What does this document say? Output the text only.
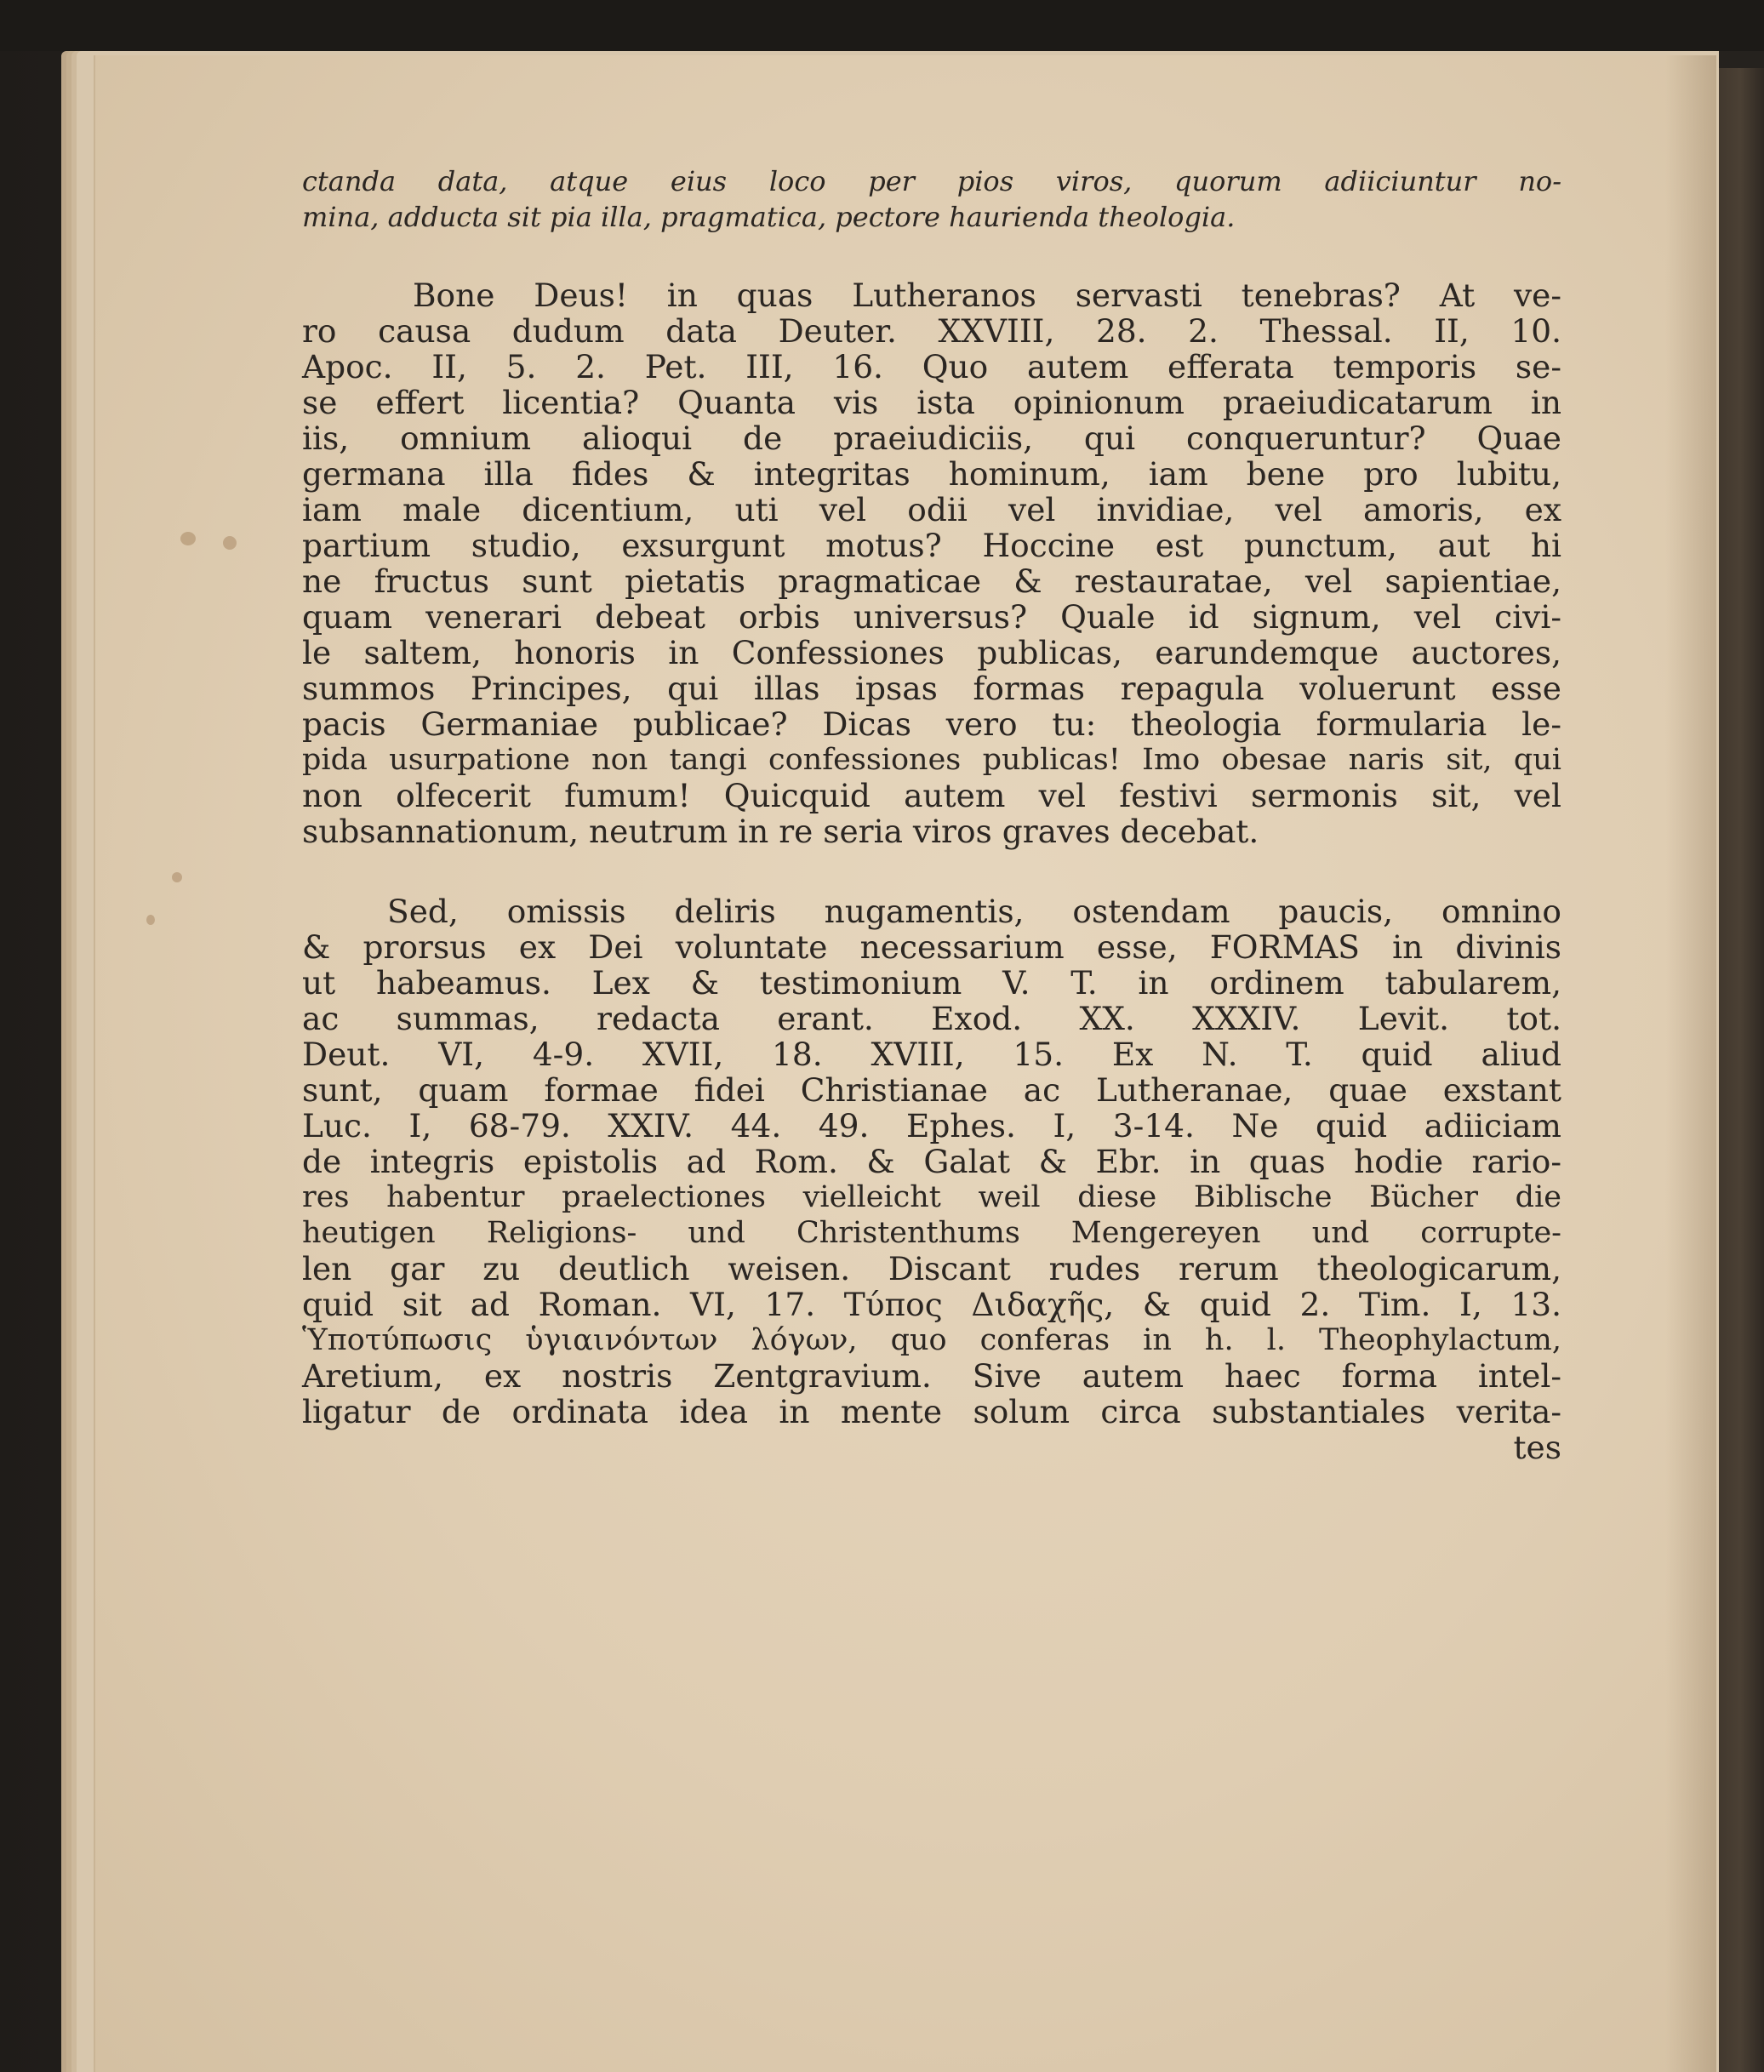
ctanda data, atque eius loco per pios viros, quorum adiiciuntur no-
mina, adducta sit pia illa, pragmatica, pectore haurienda theologia.
Bone Deus! in quas Lutheranos servasti tenebras? At ve-
ro causa dudum data Deuter. XXVIII, 28. 2. Thessal. II, 10.
Apoc. II, 5. 2. Pet. III, 16. Quo autem efferata temporis se-
se effert licentia? Quanta vis ista opinionum praeiudicatarum in
iis, omnium alioqui de praeiudiciis, qui conqueruntur? Quae
germana illa fides & integritas hominum, iam bene pro lubitu,
iam male dicentium, uti vel odii vel invidiae, vel amoris, ex
partium studio, exsurgunt motus? Hoccine est punctum, aut hi
ne fructus sunt pietatis pragmaticae & restauratae, vel sapientiae,
quam venerari debeat orbis universus? Quale id signum, vel civi-
le saltem, honoris in Confessiones publicas, earundemque auctores,
summos Principes, qui illas ipsas formas repagula voluerunt esse
pacis Germaniae publicae? Dicas vero tu: theologia formularia le-
pida usurpatione non tangi confessiones publicas! Imo obesae naris sit, qui
non olfecerit fumum! Quicquid autem vel festivi sermonis sit, vel
subsannationum, neutrum in re seria viros graves decebat.
Sed, omissis deliris nugamentis, ostendam paucis, omnino
& prorsus ex Dei voluntate necessarium esse, FORMAS in divinis
ut habeamus. Lex & testimonium V. T. in ordinem tabularem,
ac summas, redacta erant. Exod. XX. XXXIV. Levit. tot.
Deut. VI, 4-9. XVII, 18. XVIII, 15. Ex N. T. quid aliud
sunt, quam formae fidei Christianae ac Lutheranae, quae exstant
Luc. I, 68-79. XXIV. 44. 49. Ephes. I, 3-14. Ne quid adiiciam
de integris epistolis ad Rom. & Galat & Ebr. in quas hodie rario-
res habentur praelectiones vielleicht weil diese Biblische Bücher die
heutigen Religions- und Christenthums Mengereyen und corrupte-
len gar zu deutlich weisen. Discant rudes rerum theologicarum,
quid sit ad Roman. VI, 17. Τύπος Διδαχῆς, & quid 2. Tim. I, 13.
Ὑποτύπωσις ὑγιαινόντων λόγων, quo conferas in h. l. Theophylactum,
Aretium, ex nostris Zentgravium. Sive autem haec forma intel-
ligatur de ordinata idea in mente solum circa substantiales verita-
tes
